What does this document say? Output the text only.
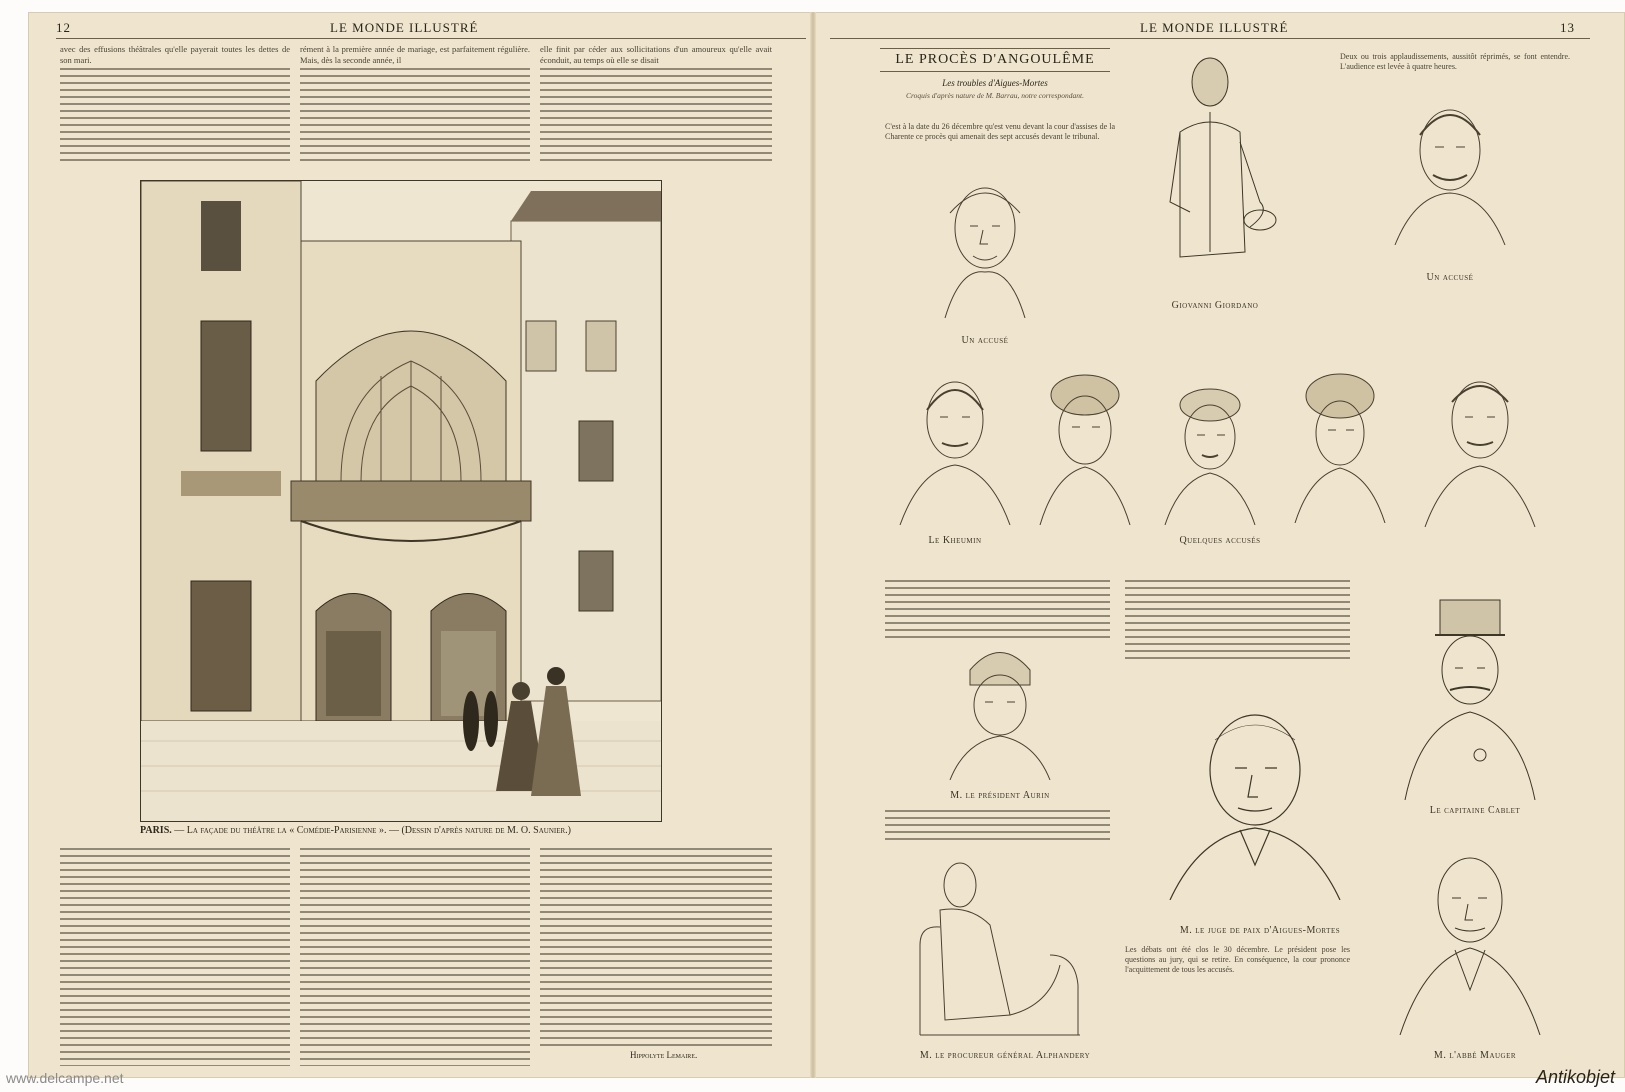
12	LE MONDE ILLUSTRÉ
avec des effusions théâtrales qu'elle payerait toutes les dettes de son mari.
rément à la première année de mariage, est parfaitement régulière. Mais, dès la seconde année, il
elle finit par céder aux sollicitations d'un amoureux qu'elle avait éconduit, au temps où elle se disait
PARIS. — La façade du théâtre la « Comédie-Parisienne ». — (Dessin d'après nature de M. O. Saunier.)
Hippolyte Lemaire.
LE MONDE ILLUSTRÉ	13
LE PROCÈS D'ANGOULÊME
Les troubles d'Aigues-Mortes
Croquis d'après nature de M. Barrau, notre correspondant.
C'est à la date du 26 décembre qu'est venu devant la cour d'assises de la Charente ce procès qui amenait des sept accusés devant le tribunal.
Deux ou trois applaudissements, aussitôt réprimés, se font entendre. L'audience est levée à quatre heures.
Un accusé
Giovanni Giordano
Un accusé
Le Kheumin	Quelques accusés
M. le président Aurin
M. le juge de paix d'Aigues-Mortes
Le capitaine Cablet
M. le procureur général Alphandery	M. l'abbé Mauger
Les débats ont été clos le 30 décembre. Le président pose les questions au jury, qui se retire. En conséquence, la cour prononce l'acquittement de tous les accusés.
www.delcampe.net	Antikobjet
